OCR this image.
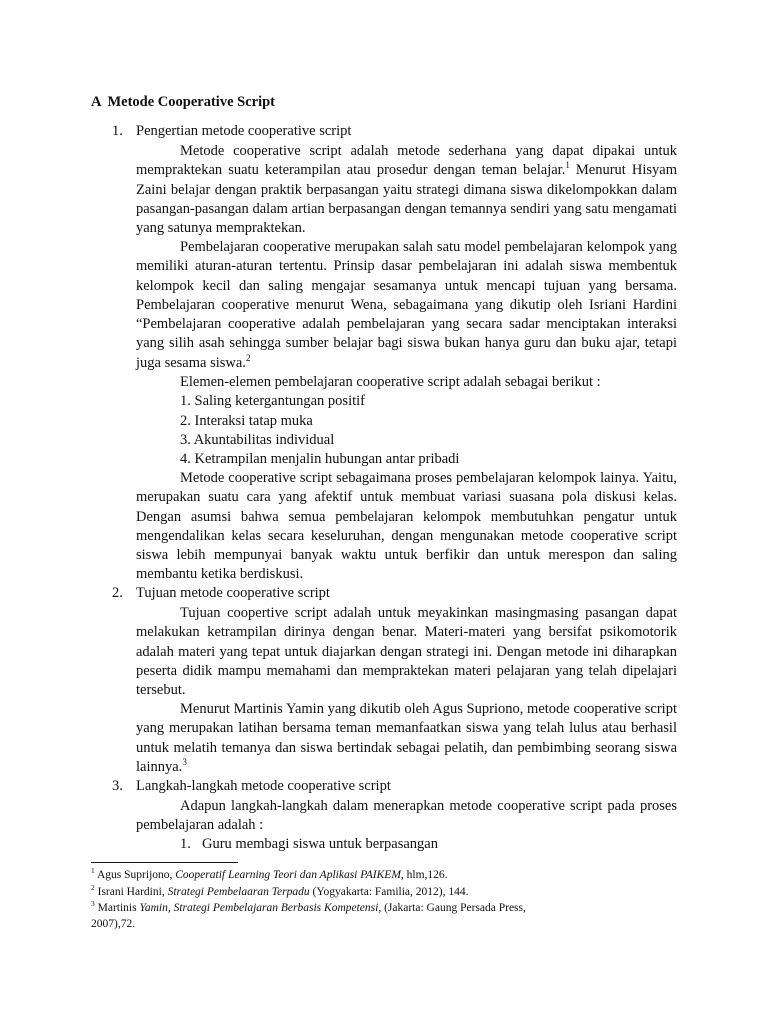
A Metode Cooperative Script
1. Pengertian metode cooperative script

Metode cooperative script adalah metode sederhana yang dapat dipakai untuk mempraktekan suatu keterampilan atau prosedur dengan teman belajar.$^1$ Menurut Hisyam Zaini belajar dengan praktik berpasangan yaitu strategi dimana siswa dikelompokkan dalam pasangan-pasangan dalam artian berpasangan dengan temannya sendiri yang satu mengamati yang satunya mempraktekan.

Pembelajaran cooperative merupakan salah satu model pembelajaran kelompok yang memiliki aturan-aturan tertentu. Prinsip dasar pembelajaran ini adalah siswa membentuk kelompok kecil dan saling mengajar sesamanya untuk mencapi tujuan yang bersama. Pembelajaran cooperative menurut Wena, sebagaimana yang dikutip oleh Isriani Hardini “Pembelajaran cooperative adalah pembelajaran yang secara sadar menciptakan interaksi yang silih asah sehingga sumber belajar bagi siswa bukan hanya guru dan buku ajar, tetapi juga sesama siswa.$^2$

Elemen-elemen pembelajaran cooperative script adalah sebagai berikut :
1. Saling ketergantungan positif
2. Interaksi tatap muka
3. Akuntabilitas individual
4. Ketrampilan menjalin hubungan antar pribadi

Metode cooperative script sebagaimana proses pembelajaran kelompok lainya. Yaitu, merupakan suatu cara yang afektif untuk membuat variasi suasana pola diskusi kelas. Dengan asumsi bahwa semua pembelajaran kelompok membutuhkan pengatur untuk mengendalikan kelas secara keseluruhan, dengan mengunakan metode cooperative script siswa lebih mempunyai banyak waktu untuk berfikir dan untuk merespon dan saling membantu ketika berdiskusi.

2. Tujuan metode cooperative script

Tujuan coopertive script adalah untuk meyakinkan masingmasing pasangan dapat melakukan ketrampilan dirinya dengan benar. Materi-materi yang bersifat psikomotorik adalah materi yang tepat untuk diajarkan dengan strategi ini. Dengan metode ini diharapkan peserta didik mampu memahami dan mempraktekan materi pelajaran yang telah dipelajari tersebut.

Menurut Martinis Yamin yang dikutib oleh Agus Supriono, metode cooperative script yang merupakan latihan bersama teman memanfaatkan siswa yang telah lulus atau berhasil untuk melatih temanya dan siswa bertindak sebagai pelatih, dan pembimbing seorang siswa lainnya.$^3$

3. Langkah-langkah metode cooperative script

Adapun langkah-langkah dalam menerapkan metode cooperative script pada proses pembelajaran adalah :

1. Guru membagi siswa untuk berpasangan
$^1$ Agus Suprijono, Cooperatif Learning Teori dan Aplikasi PAIKEM, hlm,126.
$^2$ Israni Hardini, Strategi Pembelaaran Terpadu (Yogyakarta: Familia, 2012), 144.
$^3$ Martinis Yamin, Strategi Pembelajaran Berbasis Kompetensi, (Jakarta: Gaung Persada Press, 2007),72.
